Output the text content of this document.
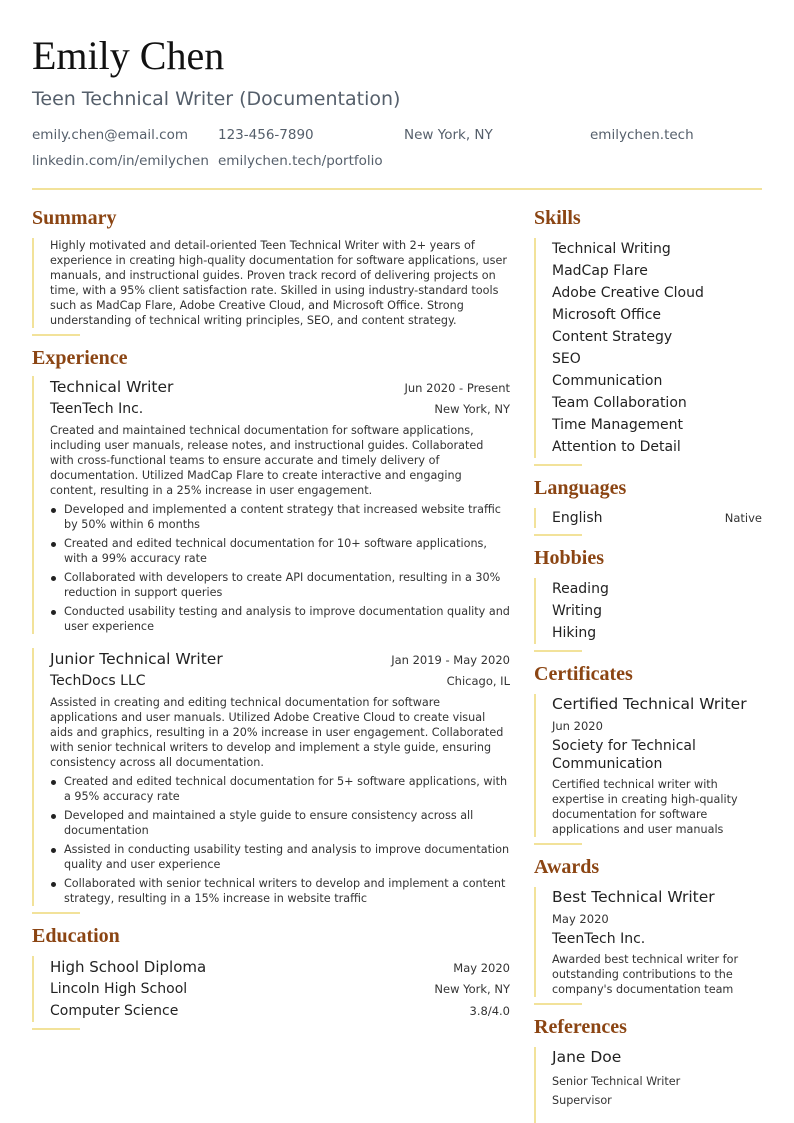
Emily Chen
Teen Technical Writer (Documentation)
emily.chen@email.com	123-456-7890	New York, NY	emilychen.tech
linkedin.com/in/emilychen emilychen.tech/portfolio
Summary
Highly motivated and detail-oriented Teen Technical Writer with 2+ years of experience in creating high-quality documentation for software applications, user manuals, and instructional guides. Proven track record of delivering projects on time, with a 95% client satisfaction rate. Skilled in using industry-standard tools such as MadCap Flare, Adobe Creative Cloud, and Microsoft Office. Strong understanding of technical writing principles, SEO, and content strategy.
Experience
Technical Writer	Jun 2020 - Present
TeenTech Inc.	New York, NY
Created and maintained technical documentation for software applications, including user manuals, release notes, and instructional guides. Collaborated with cross-functional teams to ensure accurate and timely delivery of documentation. Utilized MadCap Flare to create interactive and engaging content, resulting in a 25% increase in user engagement.
Developed and implemented a content strategy that increased website traffic by 50% within 6 months
Created and edited technical documentation for 10+ software applications, with a 99% accuracy rate
Collaborated with developers to create API documentation, resulting in a 30% reduction in support queries
Conducted usability testing and analysis to improve documentation quality and user experience
Junior Technical Writer	Jan 2019 - May 2020
TechDocs LLC	Chicago, IL
Assisted in creating and editing technical documentation for software applications and user manuals. Utilized Adobe Creative Cloud to create visual aids and graphics, resulting in a 20% increase in user engagement. Collaborated with senior technical writers to develop and implement a style guide, ensuring consistency across all documentation.
Created and edited technical documentation for 5+ software applications, with a 95% accuracy rate
Developed and maintained a style guide to ensure consistency across all documentation
Assisted in conducting usability testing and analysis to improve documentation quality and user experience
Collaborated with senior technical writers to develop and implement a content strategy, resulting in a 15% increase in website traffic
Education
High School Diploma	May 2020
Lincoln High School	New York, NY
Computer Science	3.8/4.0
Skills
Technical Writing
MadCap Flare
Adobe Creative Cloud
Microsoft Office
Content Strategy
SEO
Communication
Team Collaboration
Time Management
Attention to Detail
Languages
English	Native
Hobbies
Reading
Writing
Hiking
Certificates
Certified Technical Writer
Jun 2020
Society for Technical Communication
Certified technical writer with expertise in creating high-quality documentation for software applications and user manuals
Awards
Best Technical Writer
May 2020
TeenTech Inc.
Awarded best technical writer for outstanding contributions to the company's documentation team
References
Jane Doe
Senior Technical Writer
Supervisor
